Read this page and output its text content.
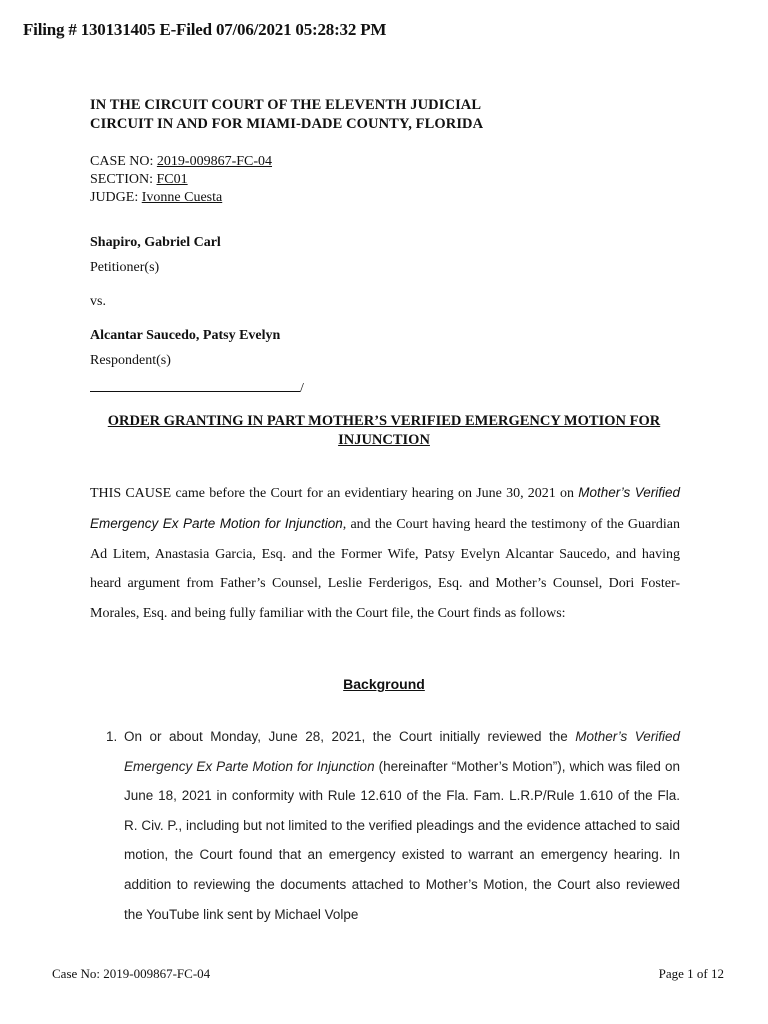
Filing # 130131405 E-Filed 07/06/2021 05:28:32 PM
IN THE CIRCUIT COURT OF THE ELEVENTH JUDICIAL
CIRCUIT IN AND FOR MIAMI-DADE COUNTY, FLORIDA
CASE NO: 2019-009867-FC-04
SECTION: FC01
JUDGE: Ivonne Cuesta
Shapiro, Gabriel Carl
Petitioner(s)
vs.
Alcantar Saucedo, Patsy Evelyn
Respondent(s)
/
ORDER GRANTING IN PART MOTHER’S VERIFIED EMERGENCY MOTION FOR INJUNCTION
THIS CAUSE came before the Court for an evidentiary hearing on June 30, 2021 on Mother’s Verified Emergency Ex Parte Motion for Injunction, and the Court having heard the testimony of the Guardian Ad Litem, Anastasia Garcia, Esq. and the Former Wife, Patsy Evelyn Alcantar Saucedo, and having heard argument from Father’s Counsel, Leslie Ferderigos, Esq. and Mother’s Counsel, Dori Foster-Morales, Esq. and being fully familiar with the Court file, the Court finds as follows:
Background
1. On or about Monday, June 28, 2021, the Court initially reviewed the Mother’s Verified Emergency Ex Parte Motion for Injunction (hereinafter “Mother’s Motion”), which was filed on June 18, 2021 in conformity with Rule 12.610 of the Fla. Fam. L.R.P/Rule 1.610 of the Fla. R. Civ. P., including but not limited to the verified pleadings and the evidence attached to said motion, the Court found that an emergency existed to warrant an emergency hearing. In addition to reviewing the documents attached to Mother’s Motion, the Court also reviewed the YouTube link sent by Michael Volpe
Case No: 2019-009867-FC-04	Page 1 of 12
